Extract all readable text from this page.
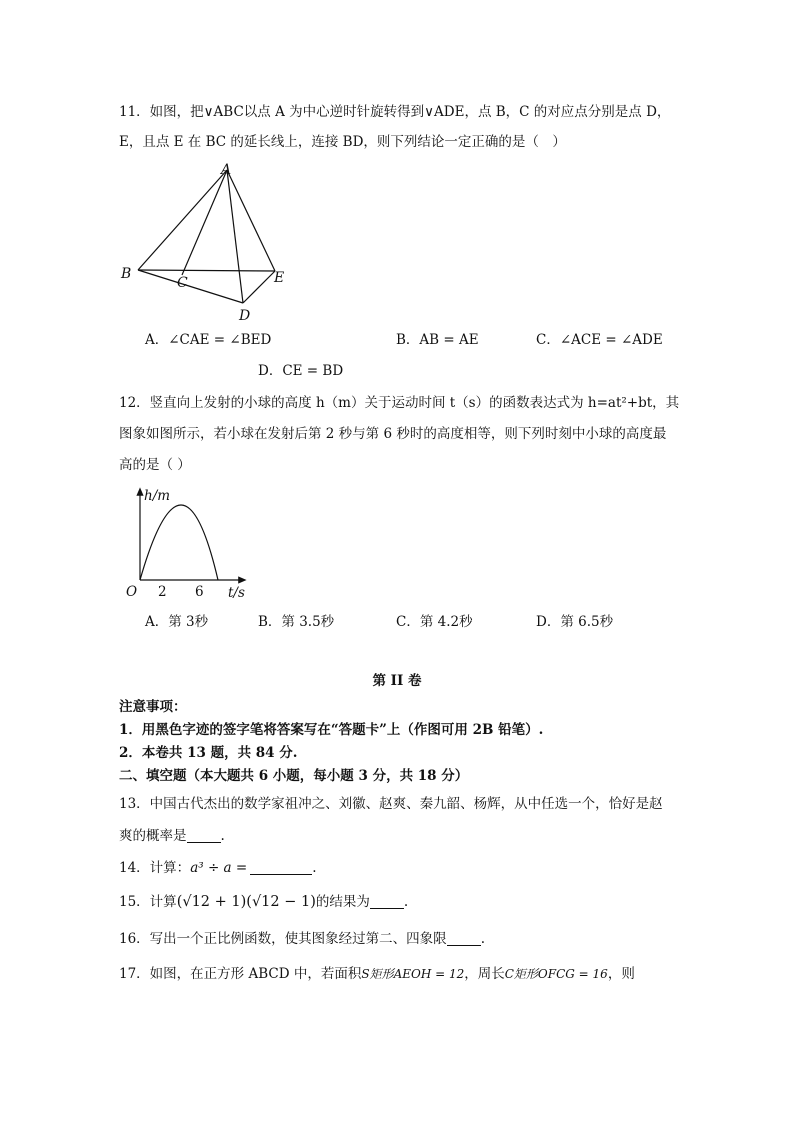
11．如图，把∨ABC以点 A 为中心逆时针旋转得到∨ADE，点 B，C 的对应点分别是点 D，
E，且点 E 在 BC 的延长线上，连接 BD，则下列结论一定正确的是（　）
A
B
C
D
E
A．∠CAE = ∠BED	B．AB = AE	C．∠ACE = ∠ADE
D．CE = BD
12．竖直向上发射的小球的高度 h（m）关于运动时间 t（s）的函数表达式为 h=at²+bt，其
图象如图所示，若小球在发射后第 2 秒与第 6 秒时的高度相等，则下列时刻中小球的高度最
高的是（ ）
h/m
t/s
O 2 6
A．第 3秒	B．第 3.5秒	C．第 4.2秒	D．第 6.5秒
第 II 卷
注意事项：
1．用黑色字迹的签字笔将答案写在“答题卡”上（作图可用 2B 铅笔）.
2．本卷共 13 题，共 84 分.
二、填空题（本大题共 6 小题，每小题 3 分，共 18 分）
13．中国古代杰出的数学家祖冲之、刘徽、赵爽、秦九韶、杨辉，从中任选一个，恰好是赵
爽的概率是	.
14．计算：a³ ÷ a =	.
15．计算(√12 + 1)(√12 − 1)的结果为	.
16．写出一个正比例函数，使其图象经过第二、四象限	.
17．如图，在正方形 ABCD 中，若面积S矩形AEOH = 12，周长C矩形OFCG = 16，则
